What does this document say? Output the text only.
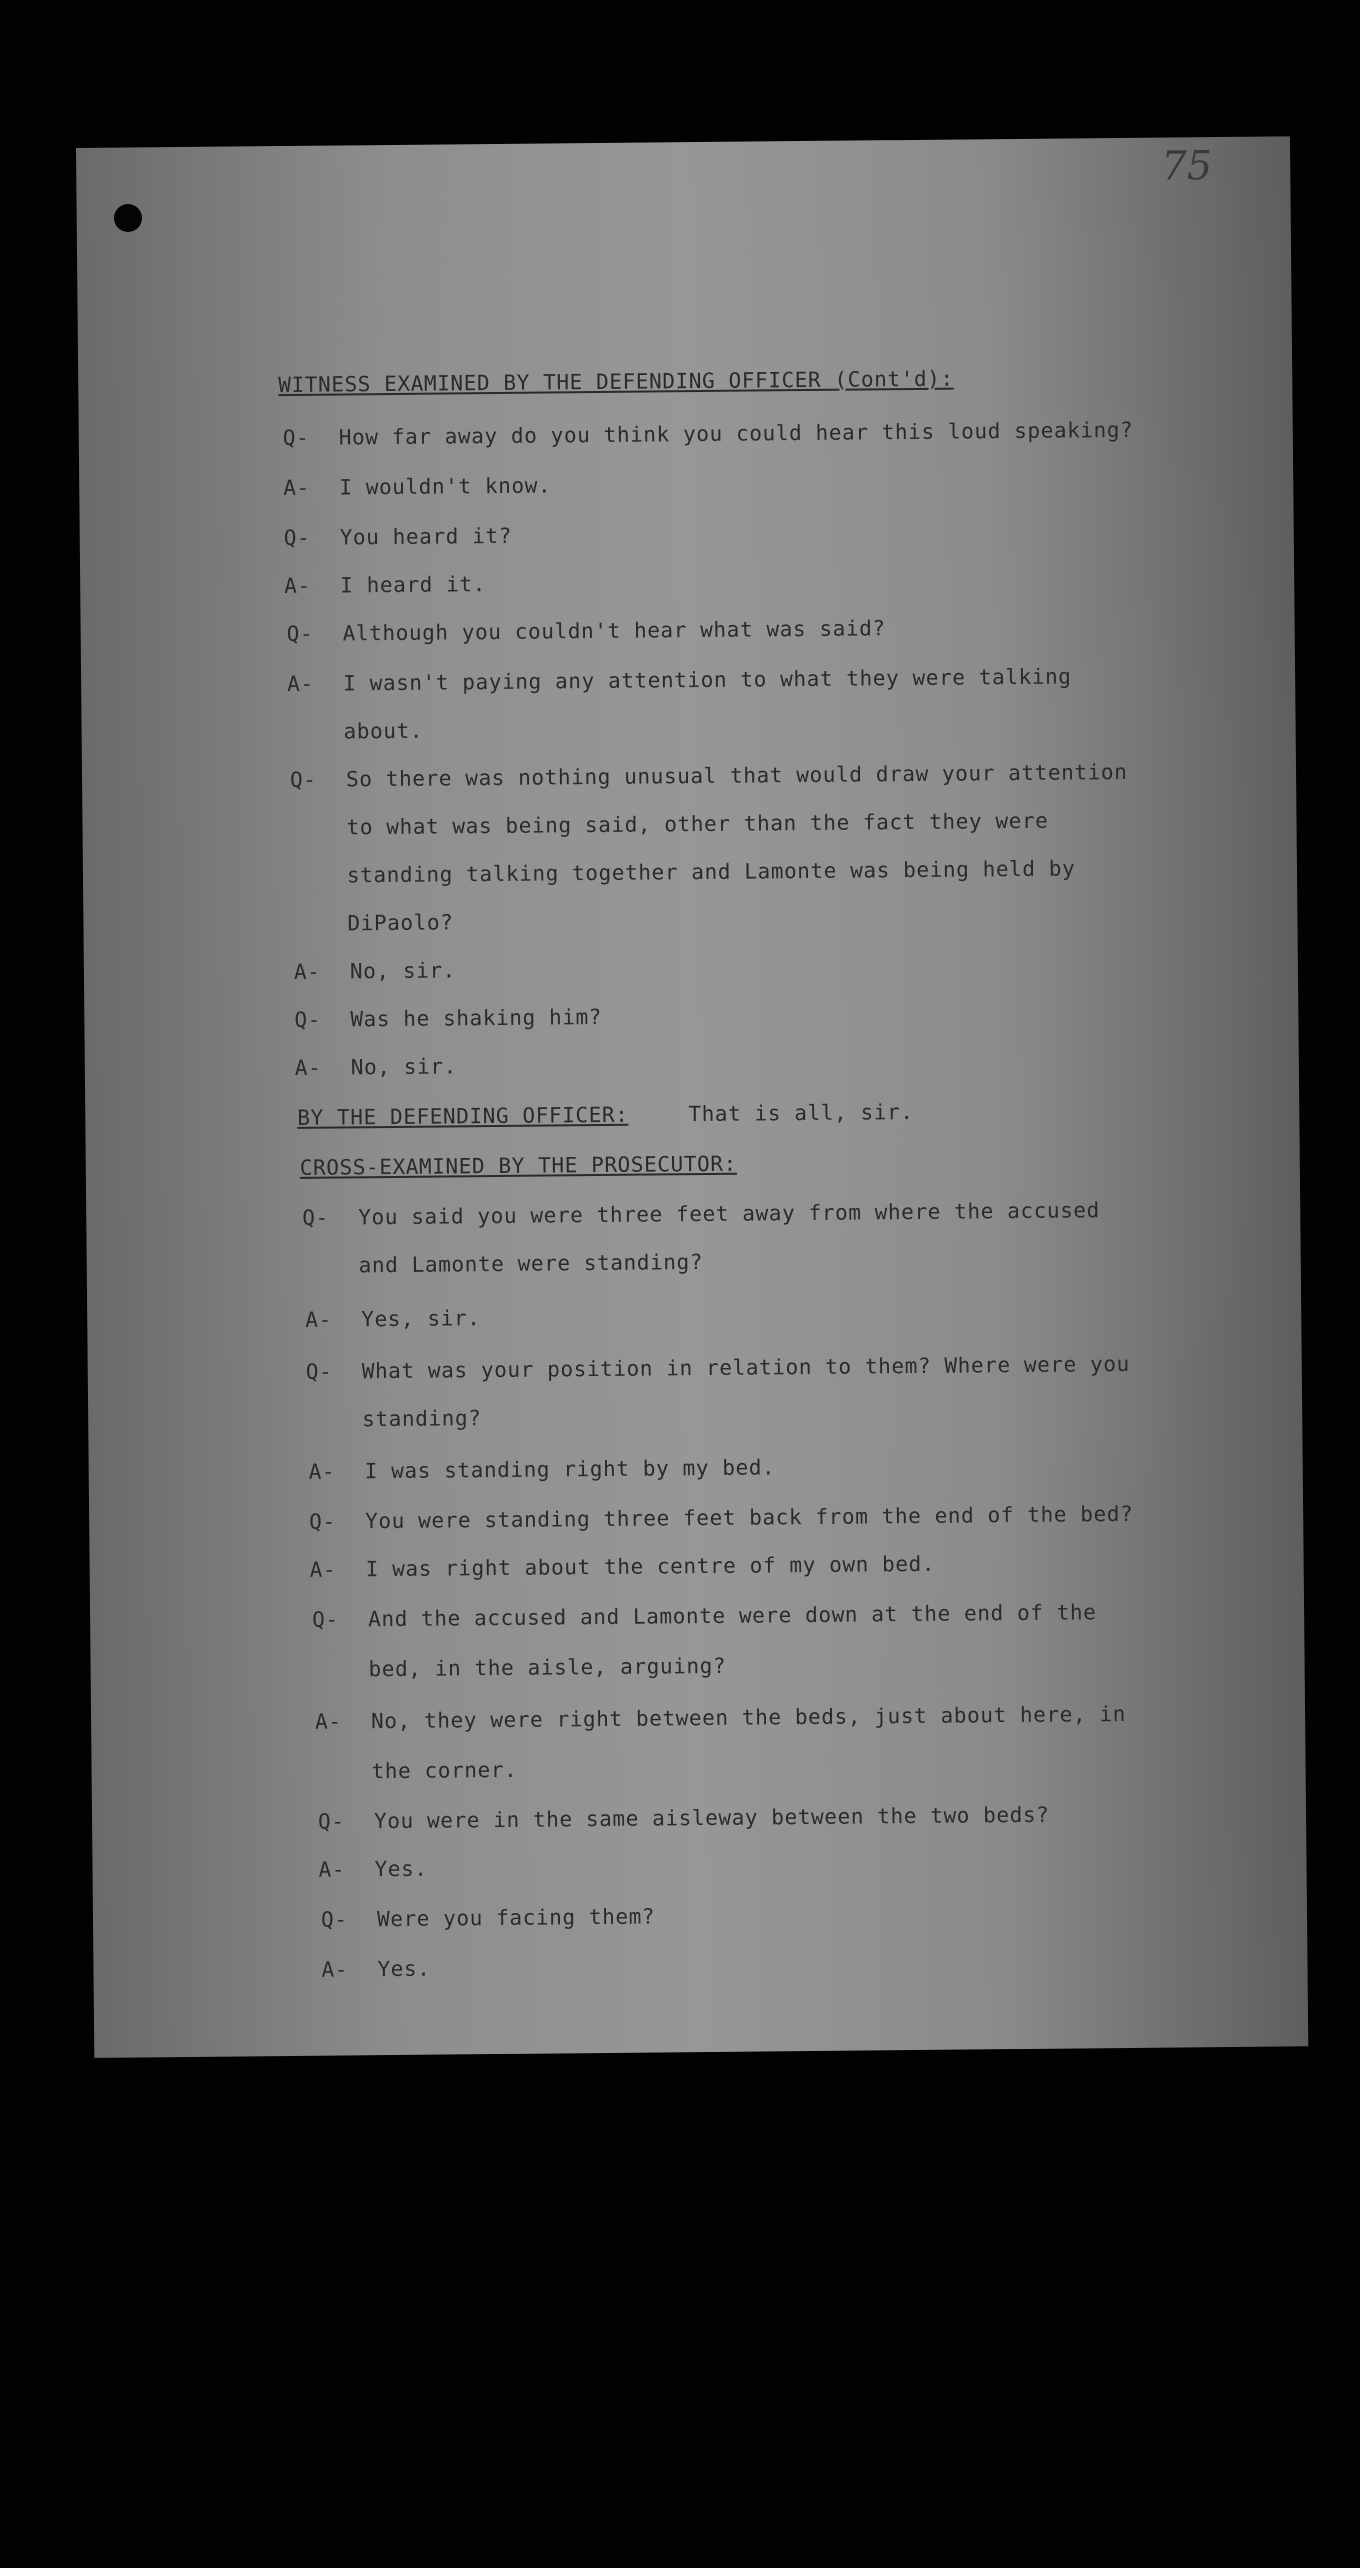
75
WITNESS EXAMINED BY THE DEFENDING OFFICER (Cont'd):
Q- How far away do you think you could hear this loud speaking?
A- I wouldn't know.
Q- You heard it?
A- I heard it.
Q- Although you couldn't hear what was said?
A- I wasn't paying any attention to what they were talking
about.
Q- So there was nothing unusual that would draw your attention
to what was being said, other than the fact they were
standing talking together and Lamonte was being held by
DiPaolo?
A- No, sir.
Q- Was he shaking him?
A- No, sir.
BY THE DEFENDING OFFICER:	That is all, sir.
CROSS-EXAMINED BY THE PROSECUTOR:
Q- You said you were three feet away from where the accused
and Lamonte were standing?
A- Yes, sir.
Q- What was your position in relation to them? Where were you
standing?
A- I was standing right by my bed.
Q- You were standing three feet back from the end of the bed?
A- I was right about the centre of my own bed.
Q- And the accused and Lamonte were down at the end of the
bed, in the aisle, arguing?
A- No, they were right between the beds, just about here, in
the corner.
Q- You were in the same aisleway between the two beds?
A- Yes.
Q- Were you facing them?
A- Yes.
